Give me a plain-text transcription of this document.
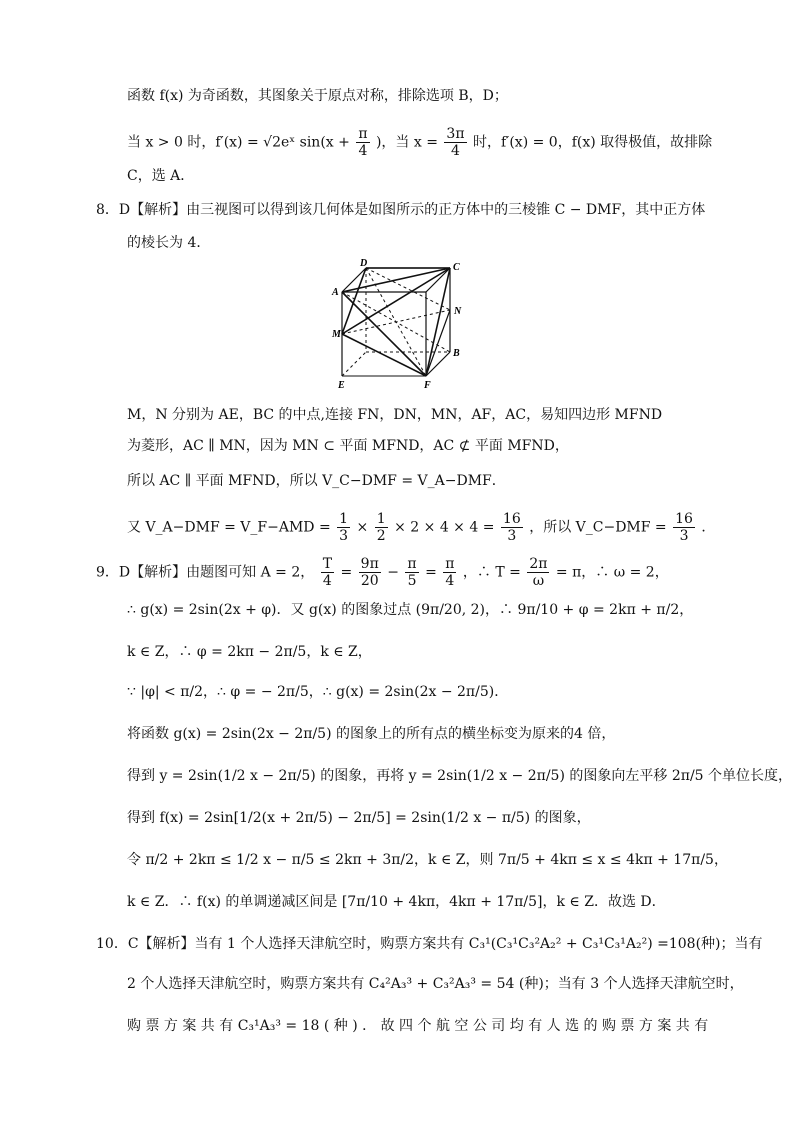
函数 f(x) 为奇函数，其图象关于原点对称，排除选项 B，D；
当 x > 0 时，f′(x) = √2eˣ $\sin(x + \frac{\pi}{4}$ )，当 $x = \frac{3\pi}{4}$ 时，f′(x) = 0，f(x) 取得极值，故排除
C，选 A．
8．D【解析】由三视图可以得到该几何体是如图所示的正方体中的三棱锥 C − DMF，其中正方体
的棱长为 4．
D	C
A
N
M
B
E	F
M，N 分别为 AE，BC 的中点,连接 FN，DN，MN，AF，AC，易知四边形 MFND
为菱形，AC ∥ MN，因为 MN ⊂ 平面 MFND，AC ⊄ 平面 MFND，
所以 AC ∥ 平面 MFND，所以 V_C−DMF = V_A−DMF．
又 V_A−DMF = V_F−AMD = $\frac{1}{3} \times \frac{1}{2} \times 2 \times 4 \times 4 = \frac{16}{3}$ ，所以 V_C−DMF = $\frac{16}{3}$ ．
9．D【解析】由题图可知 A = 2， $\frac{T}{4} = \frac{9\pi}{20} - \frac{\pi}{5} = \frac{\pi}{4}$ ，∴ $T = \frac{2\pi}{\omega} = \pi$，∴ ω = 2，
∴ g(x) = 2sin(2x + φ)．又 g(x) 的图象过点 (9π/20, 2)，∴ 9π/10 + φ = 2kπ + π/2，
k ∈ Z，∴ φ = 2kπ − 2π/5，k ∈ Z，
∵ |φ| < π/2，∴ φ = − 2π/5，∴ g(x) = 2sin(2x − 2π/5)．
将函数 g(x) = 2sin(2x − 2π/5) 的图象上的所有点的横坐标变为原来的4 倍，
得到 y = 2sin(1/2 x − 2π/5) 的图象，再将 y = 2sin(1/2 x − 2π/5) 的图象向左平移 2π/5 个单位长度，
得到 f(x) = 2sin[1/2(x + 2π/5) − 2π/5] = 2sin(1/2 x − π/5) 的图象，
令 π/2 + 2kπ ≤ 1/2 x − π/5 ≤ 2kπ + 3π/2，k ∈ Z，则 7π/5 + 4kπ ≤ x ≤ 4kπ + 17π/5，
k ∈ Z．∴ f(x) 的单调递减区间是 [7π/10 + 4kπ，4kπ + 17π/5]，k ∈ Z．故选 D．
10．C【解析】当有 1 个人选择天津航空时，购票方案共有 C₃¹(C₃¹C₃²A₂² + C₃¹C₃¹A₂²) =108(种)；当有
2 个人选择天津航空时，购票方案共有 C₄²A₃³ + C₃²A₃³ = 54 (种)；当有 3 个人选择天津航空时，
购 票 方 案 共 有 C₃¹A₃³ = 18 ( 种 ) ． 故 四 个 航 空 公 司 均 有 人 选 的 购 票 方 案 共 有
